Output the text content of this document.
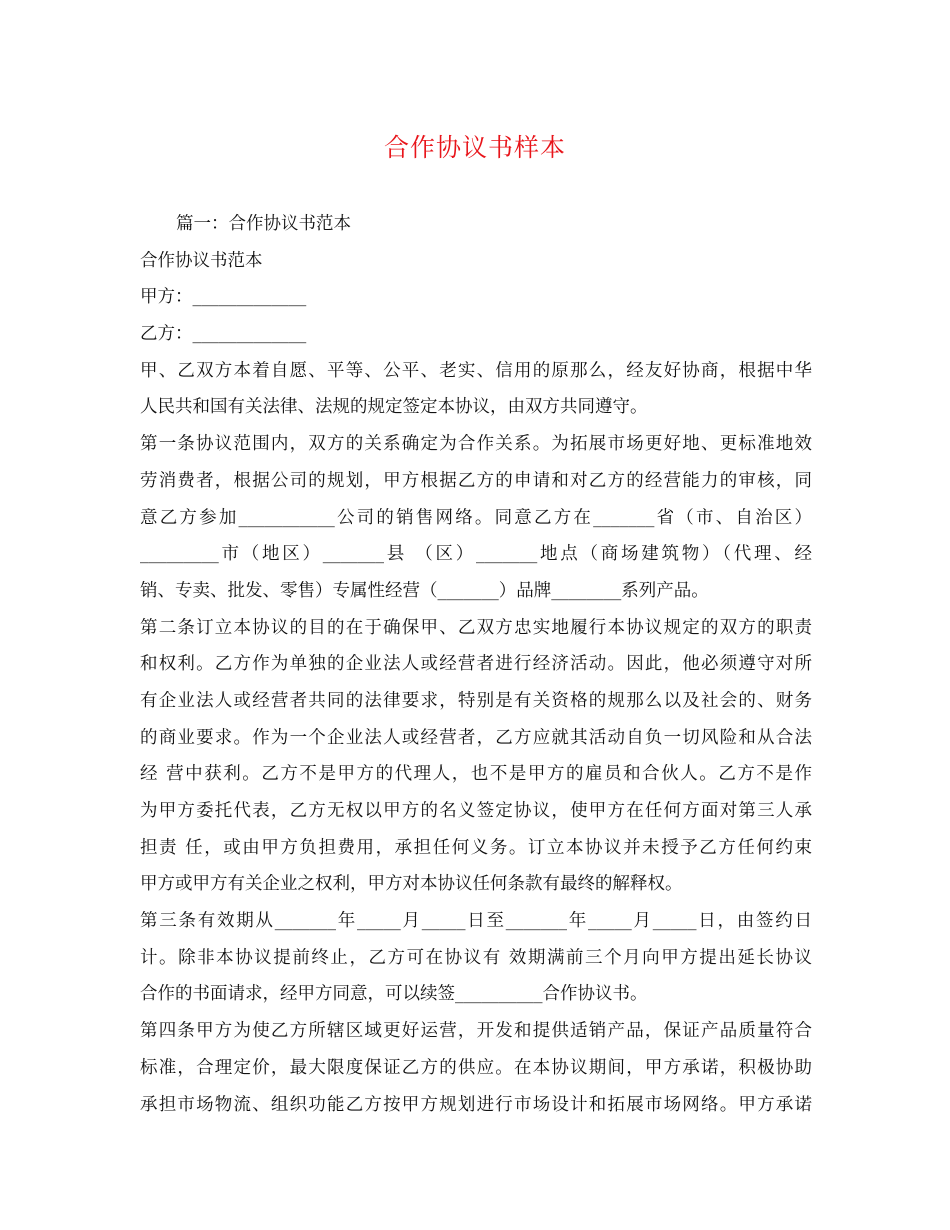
合作协议书样本

篇一：合作协议书范本

合作协议书范本

甲方：_____________

乙方：_____________

甲、乙双方本着自愿、平等、公平、老实、信用的原那么，经友好协商，根据中华

人民共和国有关法律、法规的规定签定本协议，由双方共同遵守。

第一条协议范围内，双方的关系确定为合作关系。为拓展市场更好地、更标准地效

劳消费者，根据公司的规划，甲方根据乙方的申请和对乙方的经营能力的审核，同

意乙方参加___________公司的销售网络。同意乙方在_______省（市、自治区）

_________市（地区）_______县 （区）_______地点（商场建筑物）（代理、经

销、专卖、批发、零售）专属性经营（_______）品牌________系列产品。

第二条订立本协议的目的在于确保甲、乙双方忠实地履行本协议规定的双方的职责

和权利。乙方作为单独的企业法人或经营者进行经济活动。因此，他必须遵守对所

有企业法人或经营者共同的法律要求，特别是有关资格的规那么以及社会的、财务

的商业要求。作为一个企业法人或经营者，乙方应就其活动自负一切风险和从合法

经 营中获利。乙方不是甲方的代理人，也不是甲方的雇员和合伙人。乙方不是作

为甲方委托代表，乙方无权以甲方的名义签定协议，使甲方在任何方面对第三人承

担责 任，或由甲方负担费用，承担任何义务。订立本协议并未授予乙方任何约束

甲方或甲方有关企业之权利，甲方对本协议任何条款有最终的解释权。

第三条有效期从_______年_____月_____日至_______年_____月_____日，由签约日

计。除非本协议提前终止，乙方可在协议有 效期满前三个月向甲方提出延长协议

合作的书面请求，经甲方同意，可以续签__________合作协议书。

第四条甲方为使乙方所辖区域更好运营，开发和提供适销产品，保证产品质量符合

标准，合理定价，最大限度保证乙方的供应。在本协议期间，甲方承诺，积极协助

承担市场物流、组织功能乙方按甲方规划进行市场设计和拓展市场网络。甲方承诺
